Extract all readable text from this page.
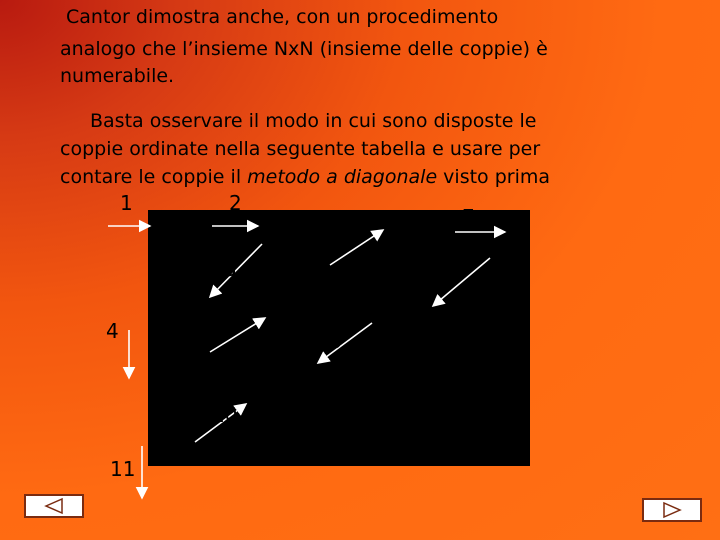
Cantor dimostra anche, con un procedimento
analogo che l’insieme NxN (insieme delle coppie) è
numerabile.
Basta osservare il modo in cui sono disposte le
coppie ordinate nella seguente tabella e usare per
contare le coppie il metodo a diagonale visto prima
1	2
3
4	5
6
7
8
9
10
11
